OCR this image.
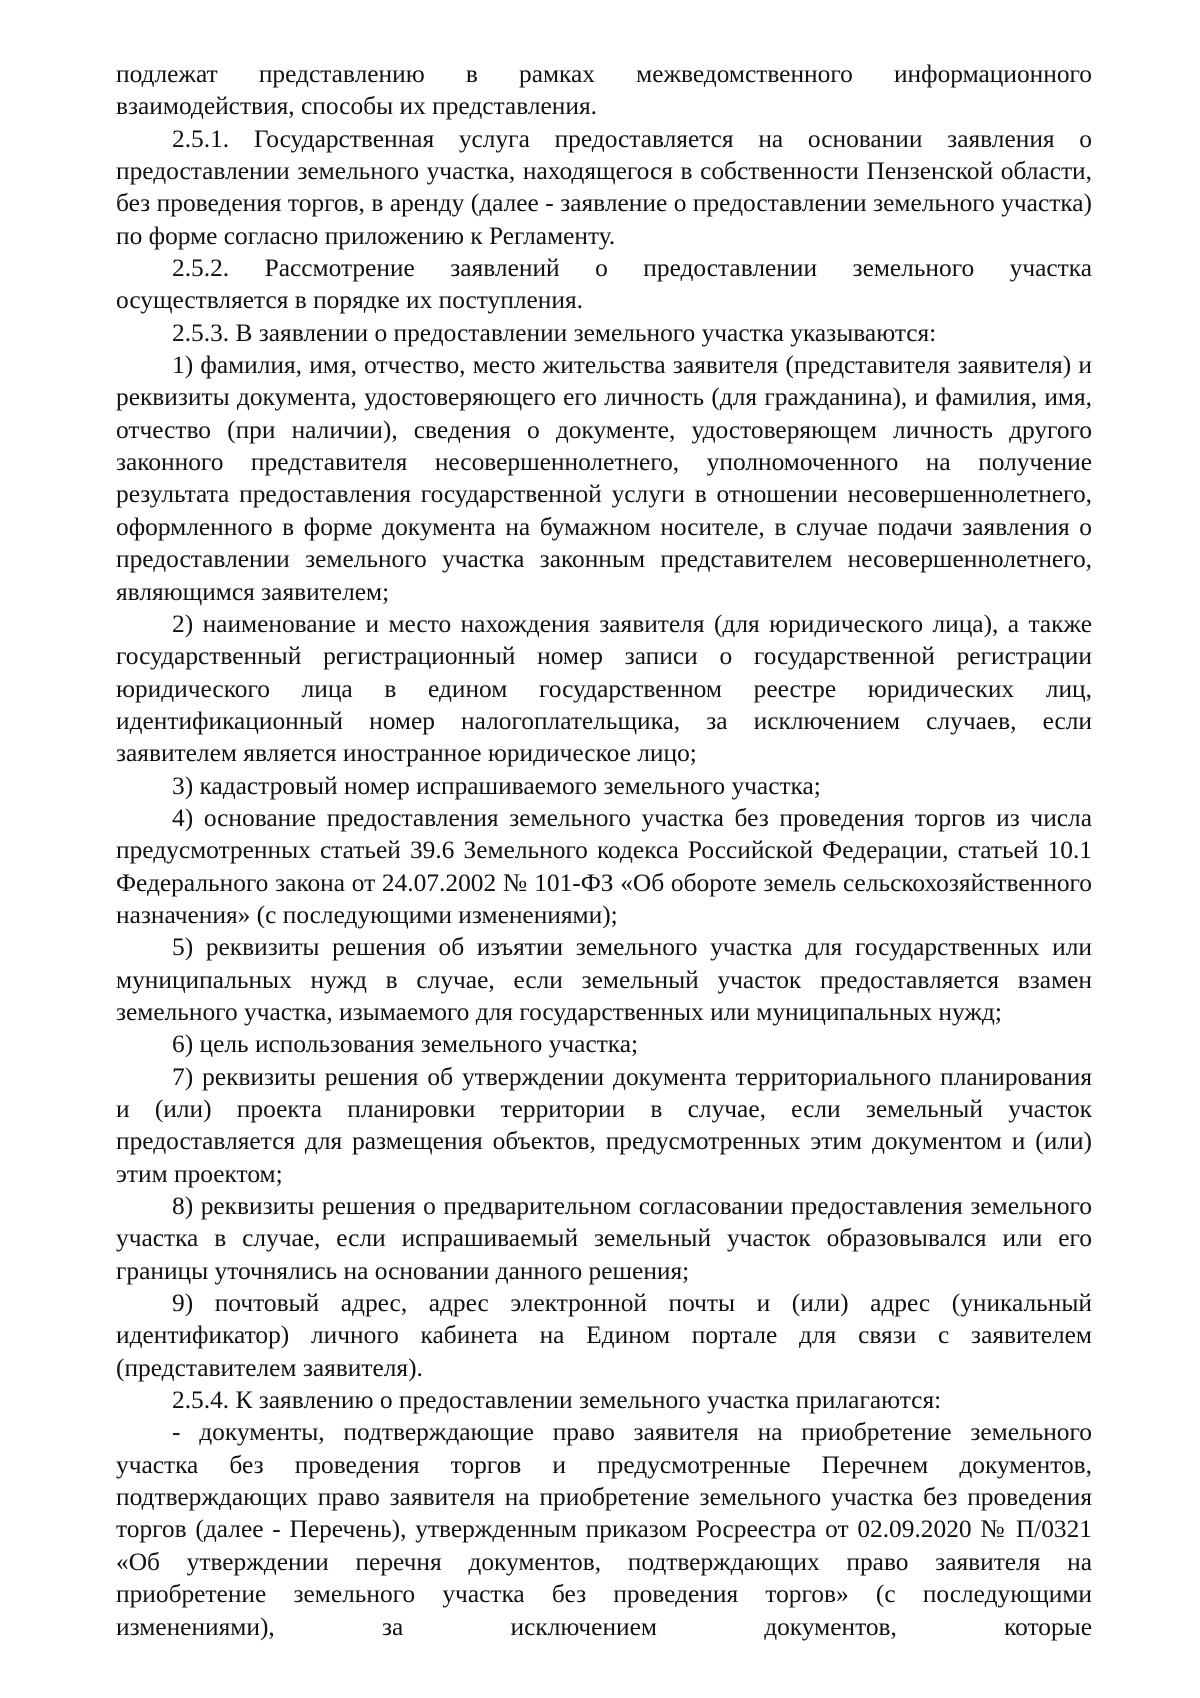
подлежат представлению в рамках межведомственного информационного взаимодействия, способы их представления.

2.5.1. Государственная услуга предоставляется на основании заявления о предоставлении земельного участка, находящегося в собственности Пензенской области, без проведения торгов, в аренду (далее - заявление о предоставлении земельного участка) по форме согласно приложению к Регламенту.

2.5.2. Рассмотрение заявлений о предоставлении земельного участка осуществляется в порядке их поступления.

2.5.3. В заявлении о предоставлении земельного участка указываются:

1) фамилия, имя, отчество, место жительства заявителя (представителя заявителя) и реквизиты документа, удостоверяющего его личность (для гражданина), и фамилия, имя, отчество (при наличии), сведения о документе, удостоверяющем личность другого законного представителя несовершеннолетнего, уполномоченного на получение результата предоставления государственной услуги в отношении несовершеннолетнего, оформленного в форме документа на бумажном носителе, в случае подачи заявления о предоставлении земельного участка законным представителем несовершеннолетнего, являющимся заявителем;

2) наименование и место нахождения заявителя (для юридического лица), а также государственный регистрационный номер записи о государственной регистрации юридического лица в едином государственном реестре юридических лиц, идентификационный номер налогоплательщика, за исключением случаев, если заявителем является иностранное юридическое лицо;

3) кадастровый номер испрашиваемого земельного участка;

4) основание предоставления земельного участка без проведения торгов из числа предусмотренных статьей 39.6 Земельного кодекса Российской Федерации, статьей 10.1 Федерального закона от 24.07.2002 № 101-ФЗ «Об обороте земель сельскохозяйственного назначения» (с последующими изменениями);

5) реквизиты решения об изъятии земельного участка для государственных или муниципальных нужд в случае, если земельный участок предоставляется взамен земельного участка, изымаемого для государственных или муниципальных нужд;

6) цель использования земельного участка;

7) реквизиты решения об утверждении документа территориального планирования и (или) проекта планировки территории в случае, если земельный участок предоставляется для размещения объектов, предусмотренных этим документом и (или) этим проектом;

8) реквизиты решения о предварительном согласовании предоставления земельного участка в случае, если испрашиваемый земельный участок образовывался или его границы уточнялись на основании данного решения;

9) почтовый адрес, адрес электронной почты и (или) адрес (уникальный идентификатор) личного кабинета на Едином портале для связи с заявителем (представителем заявителя).

2.5.4. К заявлению о предоставлении земельного участка прилагаются:

- документы, подтверждающие право заявителя на приобретение земельного участка без проведения торгов и предусмотренные Перечнем документов, подтверждающих право заявителя на приобретение земельного участка без проведения торгов (далее - Перечень), утвержденным приказом Росреестра от 02.09.2020 № П/0321 «Об утверждении перечня документов, подтверждающих право заявителя на приобретение земельного участка без проведения торгов» (с последующими изменениями), за исключением документов, которые
